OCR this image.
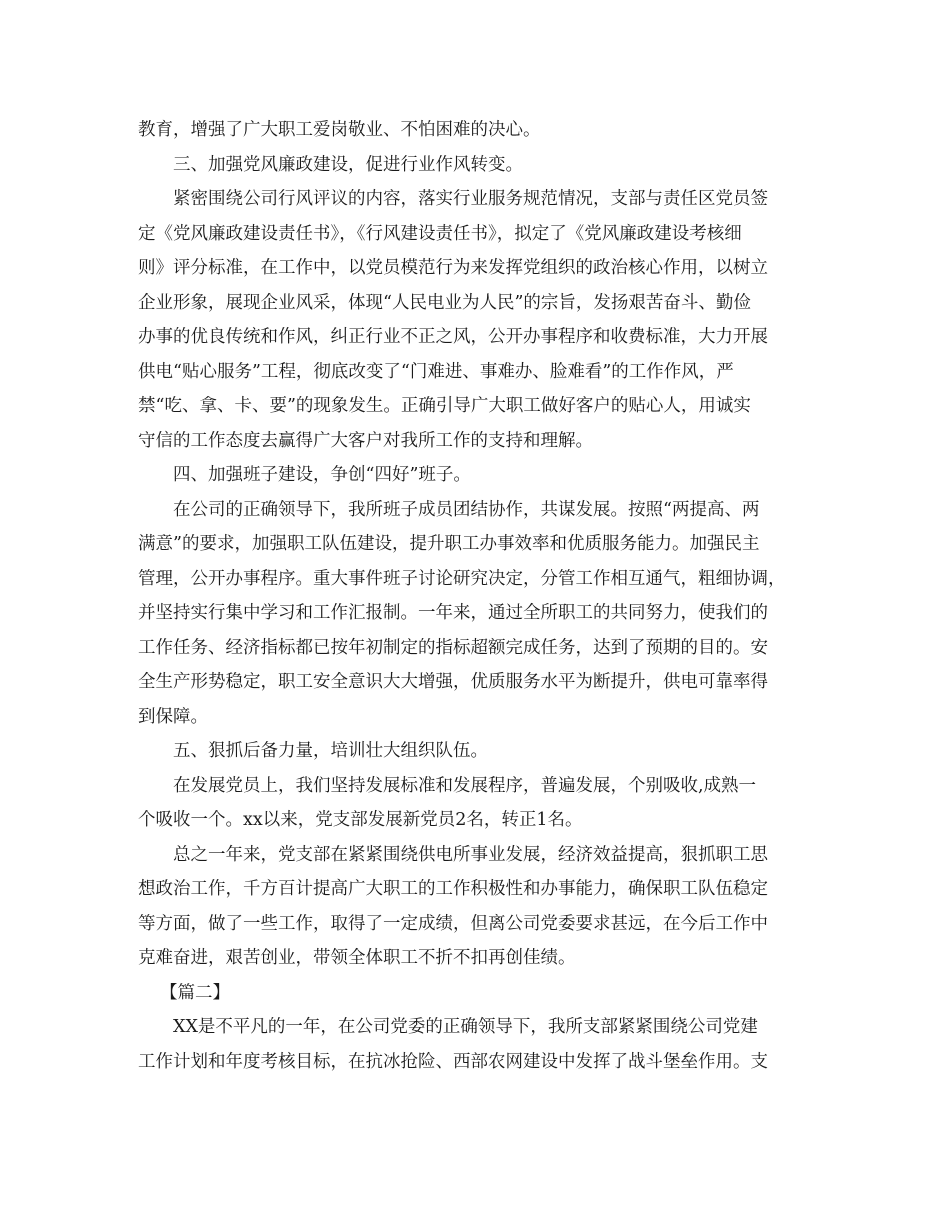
教育，增强了广大职工爱岗敬业、不怕困难的决心。
三、加强党风廉政建设，促进行业作风转变。
紧密围绕公司行风评议的内容，落实行业服务规范情况，支部与责任区党员签
定《党风廉政建设责任书》，《行风建设责任书》，拟定了《党风廉政建设考核细
则》评分标准，在工作中，以党员模范行为来发挥党组织的政治核心作用，以树立
企业形象，展现企业风采，体现“人民电业为人民”的宗旨，发扬艰苦奋斗、勤俭
办事的优良传统和作风，纠正行业不正之风，公开办事程序和收费标准，大力开展
供电“贴心服务”工程，彻底改变了“门难进、事难办、脸难看”的工作作风，严
禁“吃、拿、卡、要”的现象发生。正确引导广大职工做好客户的贴心人，用诚实
守信的工作态度去赢得广大客户对我所工作的支持和理解。
四、加强班子建设，争创“四好”班子。
在公司的正确领导下，我所班子成员团结协作，共谋发展。按照“两提高、两
满意”的要求，加强职工队伍建设，提升职工办事效率和优质服务能力。加强民主
管理，公开办事程序。重大事件班子讨论研究决定，分管工作相互通气，粗细协调，
并坚持实行集中学习和工作汇报制。一年来，通过全所职工的共同努力，使我们的
工作任务、经济指标都已按年初制定的指标超额完成任务，达到了预期的目的。安
全生产形势稳定，职工安全意识大大增强，优质服务水平为断提升，供电可靠率得
到保障。
五、狠抓后备力量，培训壮大组织队伍。
在发展党员上，我们坚持发展标准和发展程序，普遍发展，个别吸收,成熟一
个吸收一个。xx以来，党支部发展新党员2名，转正1名。
总之一年来，党支部在紧紧围绕供电所事业发展，经济效益提高，狠抓职工思
想政治工作，千方百计提高广大职工的工作积极性和办事能力，确保职工队伍稳定
等方面，做了一些工作，取得了一定成绩，但离公司党委要求甚远，在今后工作中
克难奋进，艰苦创业，带领全体职工不折不扣再创佳绩。
【篇二】
XX是不平凡的一年，在公司党委的正确领导下，我所支部紧紧围绕公司党建
工作计划和年度考核目标，在抗冰抢险、西部农网建设中发挥了战斗堡垒作用。支
